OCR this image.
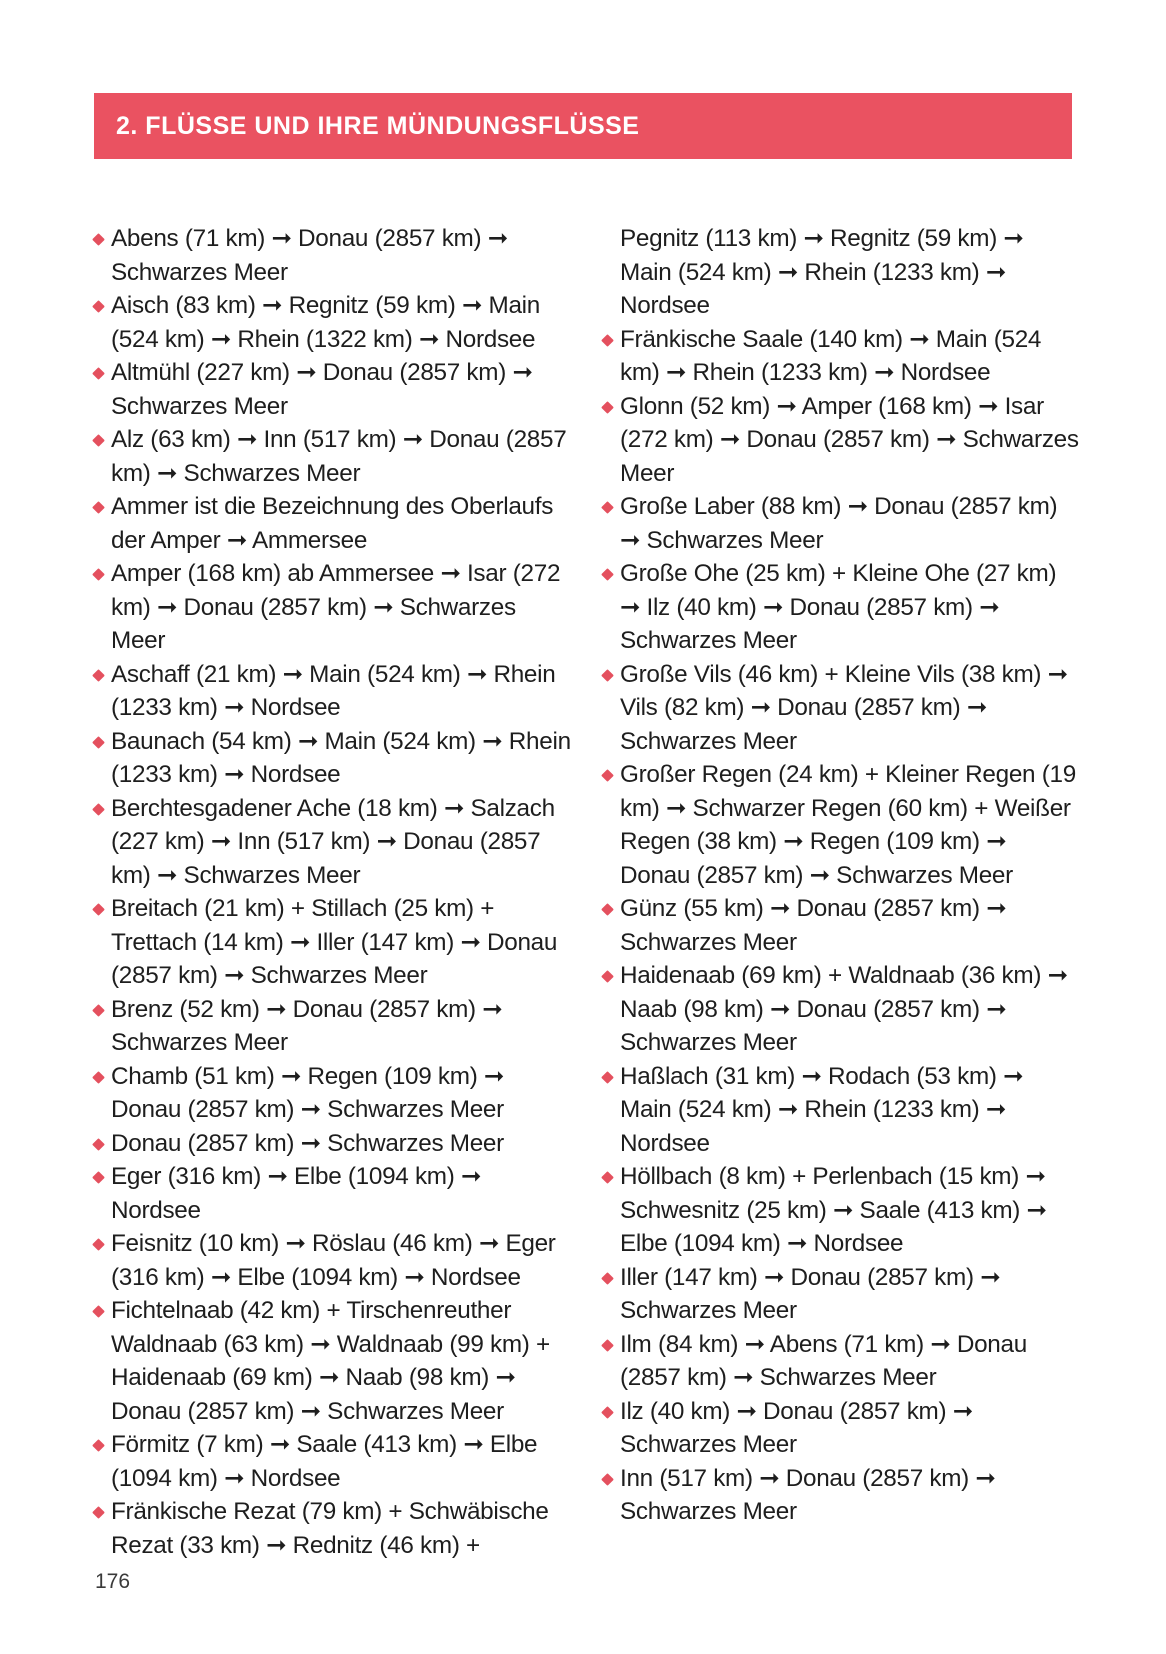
2. FLÜSSE UND IHRE MÜNDUNGSFLÜSSE
Abens (71 km) ➞ Donau (2857 km) ➞ Schwarzes Meer
Aisch (83 km) ➞ Regnitz (59 km) ➞ Main (524 km) ➞ Rhein (1322 km) ➞ Nordsee
Altmühl (227 km) ➞ Donau (2857 km) ➞ Schwarzes Meer
Alz (63 km) ➞ Inn (517 km) ➞ Donau (2857 km) ➞ Schwarzes Meer
Ammer ist die Bezeichnung des Oberlaufs der Amper ➞ Ammersee
Amper (168 km) ab Ammersee ➞ Isar (272 km) ➞ Donau (2857 km) ➞ Schwarzes Meer
Aschaff (21 km) ➞ Main (524 km) ➞ Rhein (1233 km) ➞ Nordsee
Baunach (54 km) ➞ Main (524 km) ➞ Rhein (1233 km) ➞ Nordsee
Berchtesgadener Ache (18 km) ➞ Salzach (227 km) ➞ Inn (517 km) ➞ Donau (2857 km) ➞ Schwarzes Meer
Breitach (21 km) + Stillach (25 km) + Trettach (14 km) ➞ Iller (147 km) ➞ Donau (2857 km) ➞ Schwarzes Meer
Brenz (52 km) ➞ Donau (2857 km) ➞ Schwarzes Meer
Chamb (51 km) ➞ Regen (109 km) ➞ Donau (2857 km) ➞ Schwarzes Meer
Donau (2857 km) ➞ Schwarzes Meer
Eger (316 km) ➞ Elbe (1094 km) ➞ Nordsee
Feisnitz (10 km) ➞ Röslau (46 km) ➞ Eger (316 km) ➞ Elbe (1094 km) ➞ Nordsee
Fichtelnaab (42 km) + Tirschenreuther Waldnaab (63 km) ➞ Waldnaab (99 km) + Haidenaab (69 km) ➞ Naab (98 km) ➞ Donau (2857 km) ➞ Schwarzes Meer
Förmitz (7 km) ➞ Saale (413 km) ➞ Elbe (1094 km) ➞ Nordsee
Fränkische Rezat (79 km) + Schwäbische Rezat (33 km) ➞ Rednitz (46 km) +
Pegnitz (113 km) ➞ Regnitz (59 km) ➞ Main (524 km) ➞ Rhein (1233 km) ➞ Nordsee
Fränkische Saale (140 km) ➞ Main (524 km) ➞ Rhein (1233 km) ➞ Nordsee
Glonn (52 km) ➞ Amper (168 km) ➞ Isar (272 km) ➞ Donau (2857 km) ➞ Schwarzes Meer
Große Laber (88 km) ➞ Donau (2857 km) ➞ Schwarzes Meer
Große Ohe (25 km) + Kleine Ohe (27 km) ➞ Ilz (40 km) ➞ Donau (2857 km) ➞ Schwarzes Meer
Große Vils (46 km) + Kleine Vils (38 km) ➞ Vils (82 km) ➞ Donau (2857 km) ➞ Schwarzes Meer
Großer Regen (24 km) + Kleiner Regen (19 km) ➞ Schwarzer Regen (60 km) + Weißer Regen (38 km) ➞ Regen (109 km) ➞ Donau (2857 km) ➞ Schwarzes Meer
Günz (55 km) ➞ Donau (2857 km) ➞ Schwarzes Meer
Haidenaab (69 km) + Waldnaab (36 km) ➞ Naab (98 km) ➞ Donau (2857 km) ➞ Schwarzes Meer
Haßlach (31 km) ➞ Rodach (53 km) ➞ Main (524 km) ➞ Rhein (1233 km) ➞ Nordsee
Höllbach (8 km) + Perlenbach (15 km) ➞ Schwesnitz (25 km) ➞ Saale (413 km) ➞ Elbe (1094 km) ➞ Nordsee
Iller (147 km) ➞ Donau (2857 km) ➞ Schwarzes Meer
Ilm (84 km) ➞ Abens (71 km) ➞ Donau (2857 km) ➞ Schwarzes Meer
Ilz (40 km) ➞ Donau (2857 km) ➞ Schwarzes Meer
Inn (517 km) ➞ Donau (2857 km) ➞ Schwarzes Meer
176
